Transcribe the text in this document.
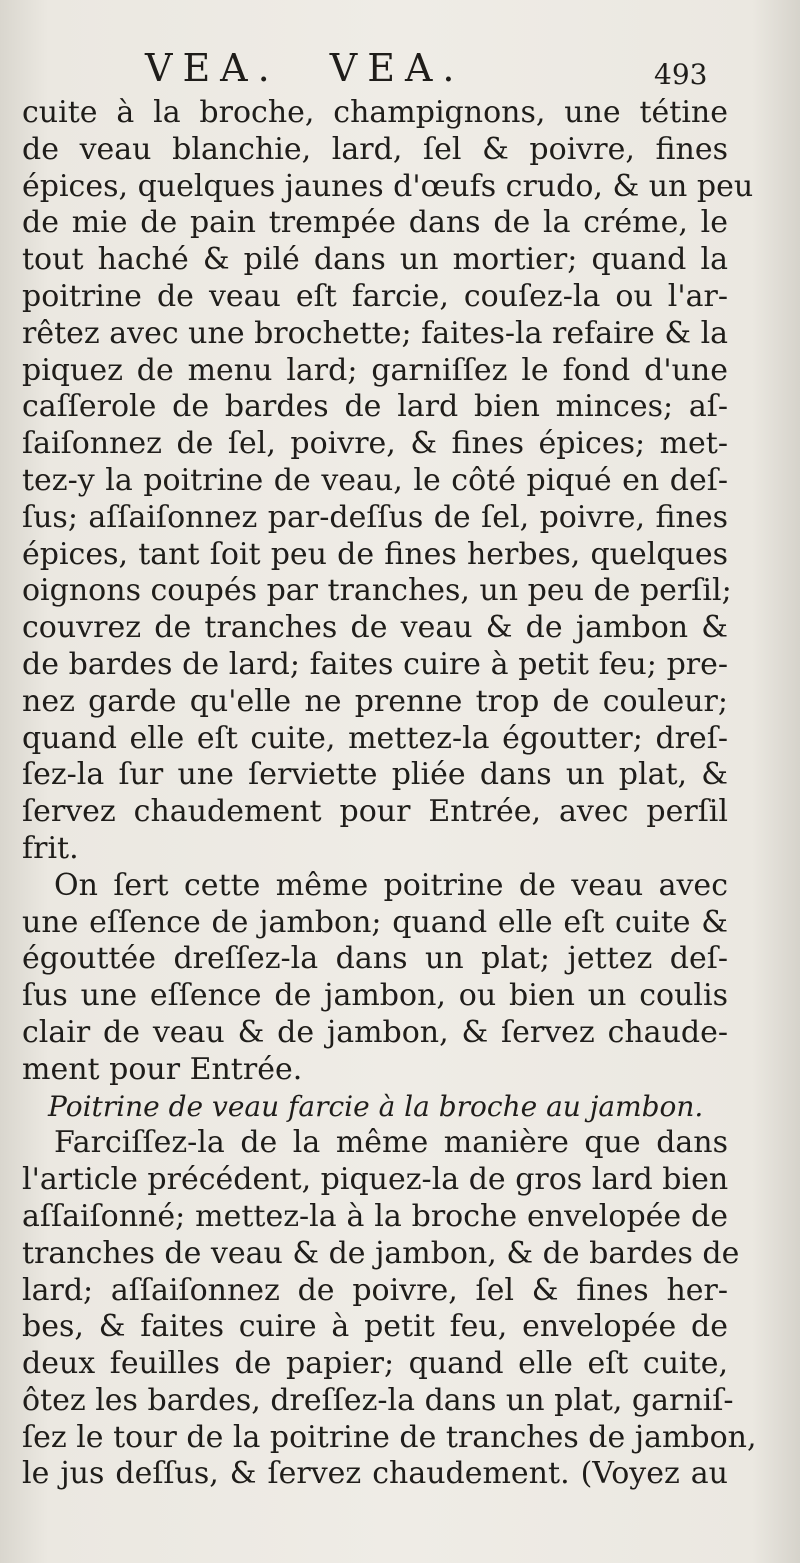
VEA. VEA.	493
cuite à la broche, champignons, une tétine
de veau blanchie, lard, ſel & poivre, fines
épices, quelques jaunes d'œufs crudo, & un peu
de mie de pain trempée dans de la créme, le
tout haché & pilé dans un mortier; quand la
poitrine de veau eſt farcie, couſez-la ou l'ar-
rêtez avec une brochette; faites-la refaire & la
piquez de menu lard; garniſſez le fond d'une
caſſerole de bardes de lard bien minces; aſ-
ſaiſonnez de ſel, poivre, & fines épices; met-
tez-y la poitrine de veau, le côté piqué en deſ-
ſus; aſſaiſonnez par-deſſus de ſel, poivre, fines
épices, tant ſoit peu de fines herbes, quelques
oignons coupés par tranches, un peu de perſil;
couvrez de tranches de veau & de jambon &
de bardes de lard; faites cuire à petit feu; pre-
nez garde qu'elle ne prenne trop de couleur;
quand elle eſt cuite, mettez-la égoutter; dreſ-
ſez-la ſur une ſerviette pliée dans un plat, &
ſervez chaudement pour Entrée, avec perſil
frit.
On ſert cette même poitrine de veau avec
une eſſence de jambon; quand elle eſt cuite &
égouttée dreſſez-la dans un plat; jettez deſ-
ſus une eſſence de jambon, ou bien un coulis
clair de veau & de jambon, & ſervez chaude-
ment pour Entrée.
Poitrine de veau farcie à la broche au jambon.
Farciſſez-la de la même manière que dans
l'article précédent, piquez-la de gros lard bien
aſſaiſonné; mettez-la à la broche envelopée de
tranches de veau & de jambon, & de bardes de
lard; aſſaiſonnez de poivre, ſel & fines her-
bes, & faites cuire à petit feu, envelopée de
deux feuilles de papier; quand elle eſt cuite,
ôtez les bardes, dreſſez-la dans un plat, garniſ-
ſez le tour de la poitrine de tranches de jambon,
le jus deſſus, & ſervez chaudement. (Voyez au
